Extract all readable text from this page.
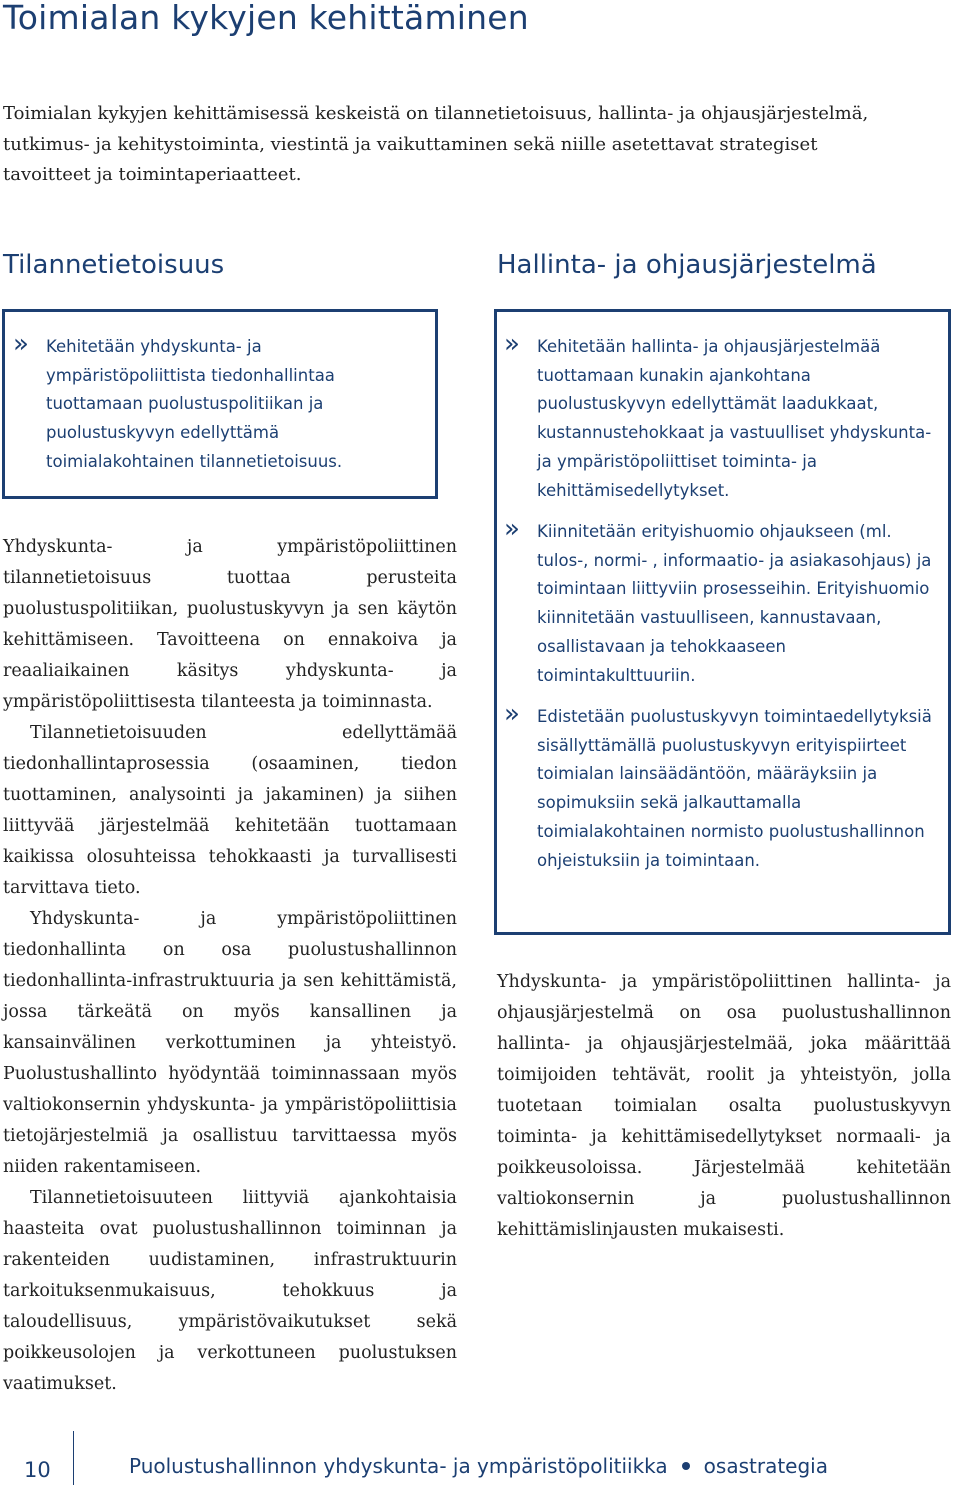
Toimialan kykyjen kehittäminen

Toimialan kykyjen kehittämisessä keskeistä on tilannetietoisuus, hallinta- ja ohjausjärjestelmä, tutkimus- ja kehitystoiminta, viestintä ja vaikuttaminen sekä niille asetettavat strategiset tavoitteet ja toimintaperiaatteet.

Tilannetietoisuus
» Kehitetään yhdyskunta- ja ympäristöpoliittista tiedonhallintaa tuottamaan puolustuspolitiikan ja puolustuskyvyn edellyttämä toimialakohtainen tilannetietoisuus.

Yhdyskunta- ja ympäristöpoliittinen tilannetietoisuus tuottaa perusteita puolustuspolitiikan, puolustuskyvyn ja sen käytön kehittämiseen. Tavoitteena on ennakoiva ja reaaliaikainen käsitys yhdyskunta- ja ympäristöpoliittisesta tilanteesta ja toiminnasta.

Tilannetietoisuuden edellyttämää tiedonhallintaprosessia (osaaminen, tiedon tuottaminen, analysointi ja jakaminen) ja siihen liittyvää järjestelmää kehitetään tuottamaan kaikissa olosuhteissa tehokkaasti ja turvallisesti tarvittava tieto.

Yhdyskunta- ja ympäristöpoliittinen tiedonhallinta on osa puolustushallinnon tiedonhallinta-infrastruktuuria ja sen kehittämistä, jossa tärkeätä on myös kansallinen ja kansainvälinen verkottuminen ja yhteistyö. Puolustushallinto hyödyntää toiminnassaan myös valtiokonsernin yhdyskunta- ja ympäristöpoliittisia tietojärjestelmiä ja osallistuu tarvittaessa myös niiden rakentamiseen.

Tilannetietoisuuteen liittyviä ajankohtaisia haasteita ovat puolustushallinnon toiminnan ja rakenteiden uudistaminen, infrastruktuurin tarkoituksenmukaisuus, tehokkuus ja taloudellisuus, ympäristövaikutukset sekä poikkeusolojen ja verkottuneen puolustuksen vaatimukset.

Hallinta- ja ohjausjärjestelmä
» Kehitetään hallinta- ja ohjausjärjestelmää tuottamaan kunakin ajankohtana puolustuskyvyn edellyttämät laadukkaat, kustannustehokkaat ja vastuulliset yhdyskunta- ja ympäristöpoliittiset toiminta- ja kehittämisedellytykset.
» Kiinnitetään erityishuomio ohjaukseen (ml. tulos-, normi- , informaatio- ja asiakasohjaus) ja toimintaan liittyviin prosesseihin. Erityishuomio kiinnitetään vastuulliseen, kannustavaan, osallistavaan ja tehokkaaseen toimintakulttuuriin.
» Edistetään puolustuskyvyn toimintaedellytyksiä sisällyttämällä puolustuskyvyn erityispiirteet toimialan lainsäädäntöön, määräyksiin ja sopimuksiin sekä jalkauttamalla toimialakohtainen normisto puolustushallinnon ohjeistuksiin ja toimintaan.

Yhdyskunta- ja ympäristöpoliittinen hallinta- ja ohjausjärjestelmä on osa puolustushallinnon hallinta- ja ohjausjärjestelmää, joka määrittää toimijoiden tehtävät, roolit ja yhteistyön, jolla tuotetaan toimialan osalta puolustuskyvyn toiminta- ja kehittämisedellytykset normaali- ja poikkeusoloissa. Järjestelmää kehitetään valtiokonsernin ja puolustushallinnon kehittämislinjausten mukaisesti.

10	Puolustushallinnon yhdyskunta- ja ympäristöpolitiikka osastrategia
